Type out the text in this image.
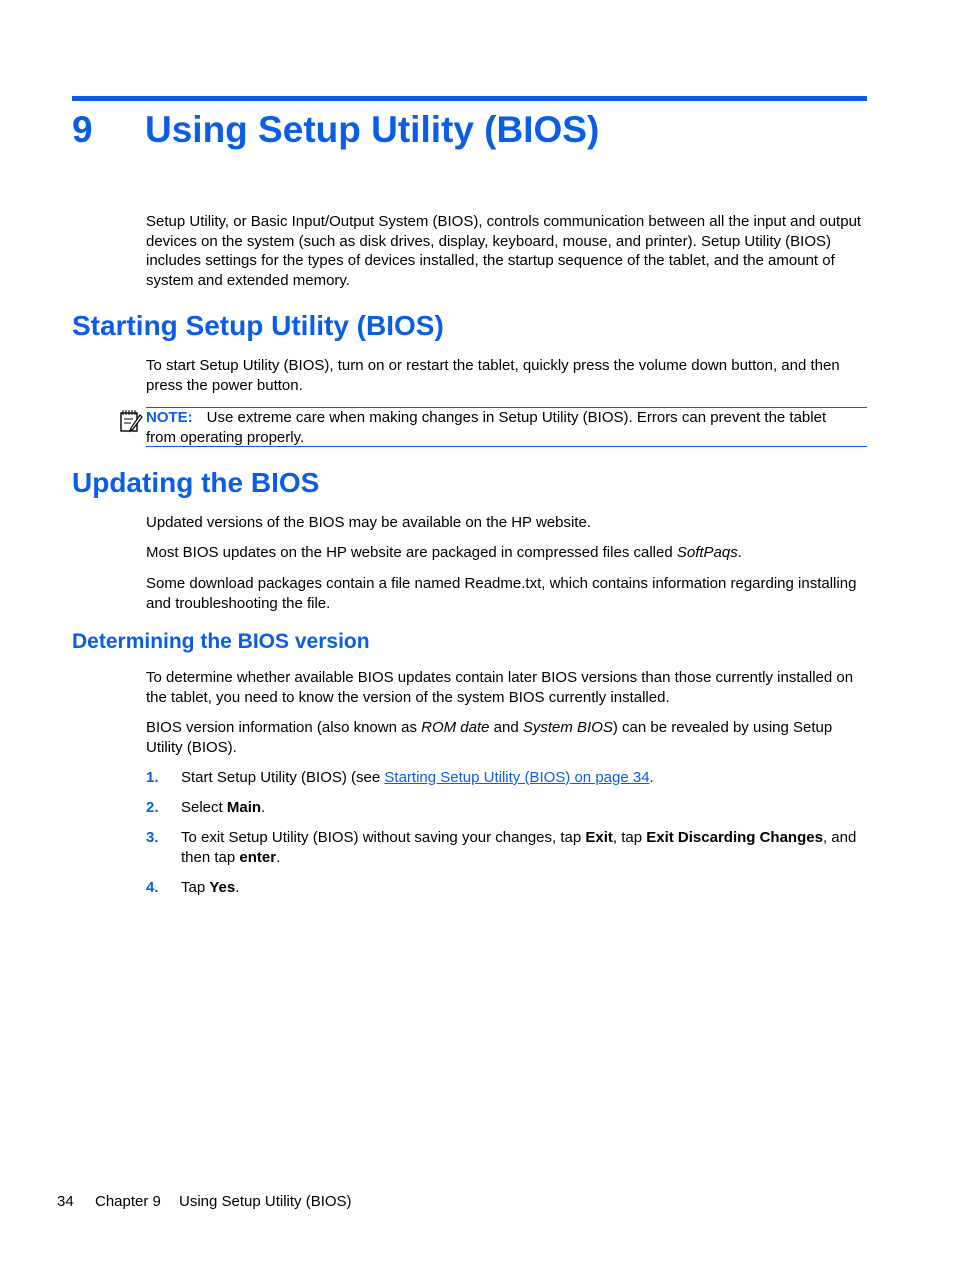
9 Using Setup Utility (BIOS)

Setup Utility, or Basic Input/Output System (BIOS), controls communication between all the input and output devices on the system (such as disk drives, display, keyboard, mouse, and printer). Setup Utility (BIOS) includes settings for the types of devices installed, the startup sequence of the tablet, and the amount of system and extended memory.

Starting Setup Utility (BIOS)

To start Setup Utility (BIOS), turn on or restart the tablet, quickly press the volume down button, and then press the power button.

NOTE: Use extreme care when making changes in Setup Utility (BIOS). Errors can prevent the tablet from operating properly.

Updating the BIOS

Updated versions of the BIOS may be available on the HP website.

Most BIOS updates on the HP website are packaged in compressed files called SoftPaqs.

Some download packages contain a file named Readme.txt, which contains information regarding installing and troubleshooting the file.

Determining the BIOS version

To determine whether available BIOS updates contain later BIOS versions than those currently installed on the tablet, you need to know the version of the system BIOS currently installed.

BIOS version information (also known as ROM date and System BIOS) can be revealed by using Setup Utility (BIOS).

1. Start Setup Utility (BIOS) (see Starting Setup Utility (BIOS) on page 34.

2. Select Main.

3. To exit Setup Utility (BIOS) without saving your changes, tap Exit, tap Exit Discarding Changes, and then tap enter.

4. Tap Yes.

34 Chapter 9 Using Setup Utility (BIOS)
